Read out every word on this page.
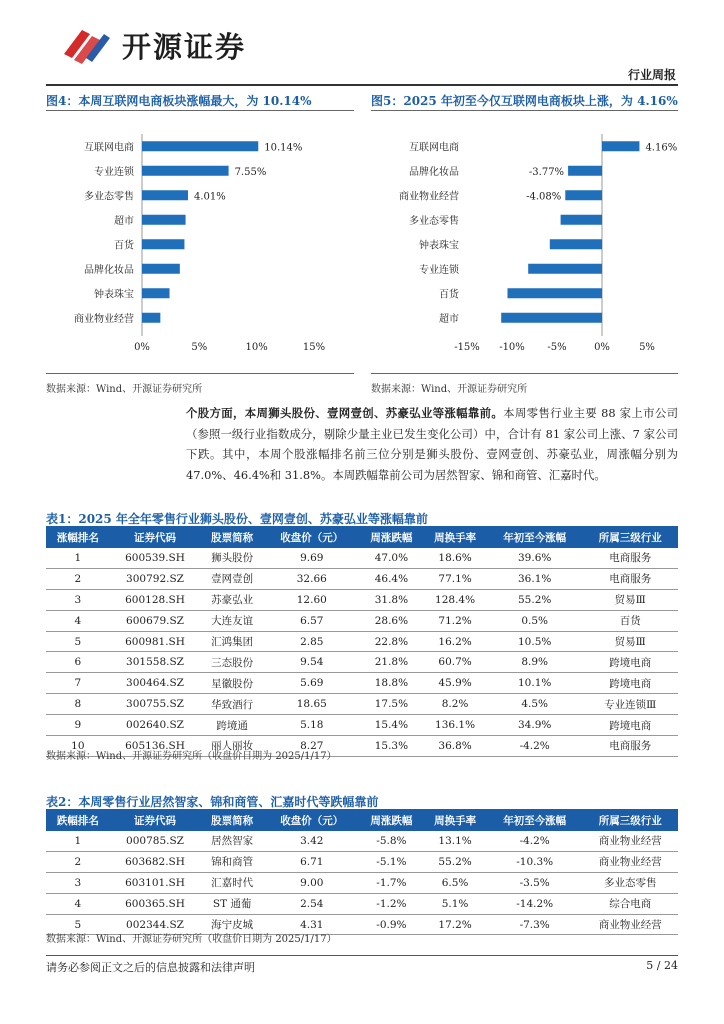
开源证券
行业周报
图4：本周互联网电商板块涨幅最大，为 10.14%
互联网电商	10.14%
专业连锁	7.55%
多业态零售	4.01%
超市
百货
品牌化妆品
钟表珠宝
商业物业经营
0%	5%	10%	15%
数据来源：Wind、开源证券研究所
图5：2025 年初至今仅互联网电商板块上涨，为 4.16%
互联网电商	4.16%
品牌化妆品	-3.77%
商业物业经营	-4.08%
多业态零售
钟表珠宝
专业连锁
百货
超市
-15% -10% -5%	0%	5%
数据来源：Wind、开源证券研究所
个股方面，本周狮头股份、壹网壹创、苏豪弘业等涨幅靠前。本周零售行业主要 88 家上市公司（参照一级行业指数成分，剔除少量主业已发生变化公司）中，合计有 81 家公司上涨、7 家公司下跌。其中，本周个股涨幅排名前三位分别是狮头股份、壹网壹创、苏豪弘业，周涨幅分别为 47.0%、46.4%和 31.8%。本周跌幅靠前公司为居然智家、锦和商管、汇嘉时代。
表1：2025 年全年零售行业狮头股份、壹网壹创、苏豪弘业等涨幅靠前
涨幅排名	证券代码	股票简称	收盘价（元）	周涨跌幅	周换手率	年初至今涨幅	所属三级行业
1	600539.SH	狮头股份	9.69	47.0%	18.6%	39.6%	电商服务
2	300792.SZ	壹网壹创	32.66	46.4%	77.1%	36.1%	电商服务
3	600128.SH	苏豪弘业	12.60	31.8%	128.4%	55.2%	贸易Ⅲ
4	600679.SZ	大连友谊	6.57	28.6%	71.2%	0.5%	百货
5	600981.SH	汇鸿集团	2.85	22.8%	16.2%	10.5%	贸易Ⅲ
6	301558.SZ	三态股份	9.54	21.8%	60.7%	8.9%	跨境电商
7	300464.SZ	星徽股份	5.69	18.8%	45.9%	10.1%	跨境电商
8	300755.SZ	华致酒行	18.65	17.5%	8.2%	4.5%	专业连锁Ⅲ
9	002640.SZ	跨境通	5.18	15.4%	136.1%	34.9%	跨境电商
10	605136.SH	丽人丽妆	8.27	15.3%	36.8%	-4.2%	电商服务
数据来源：Wind、开源证券研究所（收盘价日期为 2025/1/17）
表2：本周零售行业居然智家、锦和商管、汇嘉时代等跌幅靠前
跌幅排名	证券代码	股票简称	收盘价（元）	周涨跌幅	周换手率	年初至今涨幅	所属三级行业
1	000785.SZ	居然智家	3.42	-5.8%	13.1%	-4.2%	商业物业经营
2	603682.SH	锦和商管	6.71	-5.1%	55.2%	-10.3%	商业物业经营
3	603101.SH	汇嘉时代	9.00	-1.7%	6.5%	-3.5%	多业态零售
4	600365.SH	ST 通葡	2.54	-1.2%	5.1%	-14.2%	综合电商
5	002344.SZ	海宁皮城	4.31	-0.9%	17.2%	-7.3%	商业物业经营
数据来源：Wind、开源证券研究所（收盘价日期为 2025/1/17）
请务必参阅正文之后的信息披露和法律声明	5 / 24
